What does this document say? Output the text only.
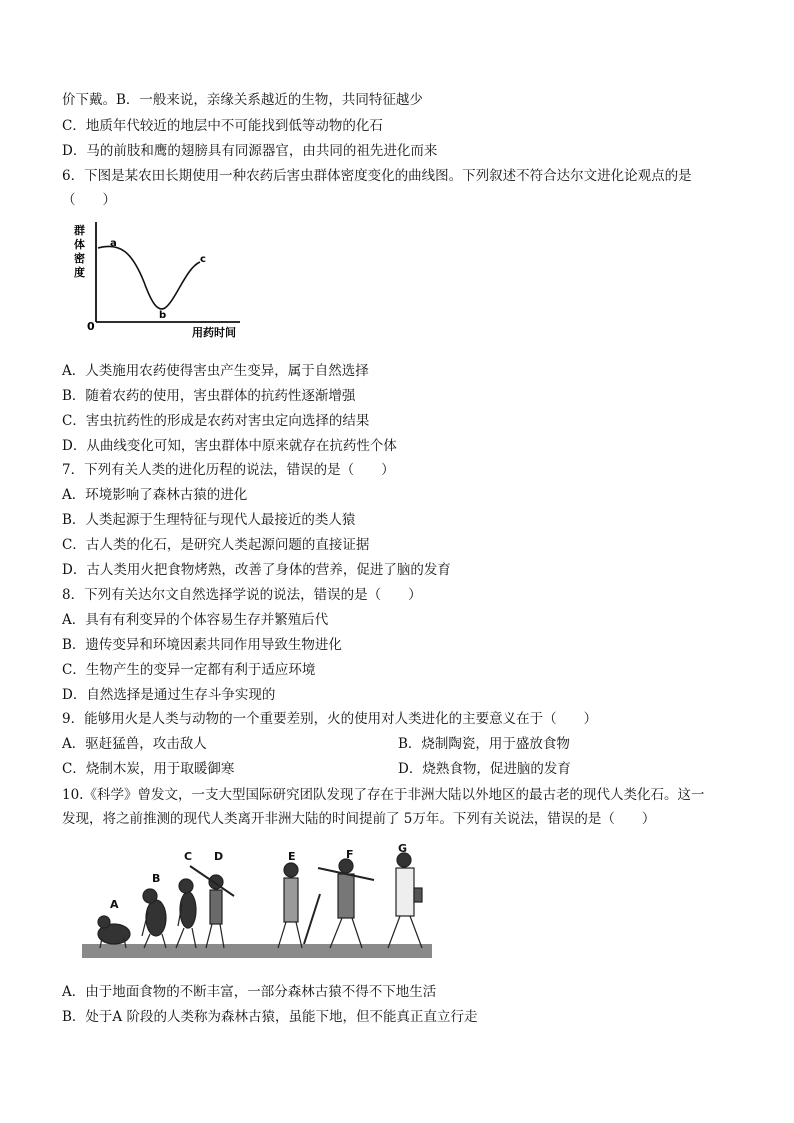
价下戴。B．一般来说，亲缘关系越近的生物，共同特征越少
C．地质年代较近的地层中不可能找到低等动物的化石
D．马的前肢和鹰的翅膀具有同源器官，由共同的祖先进化而来
6．下图是某农田长期使用一种农药后害虫群体密度变化的曲线图。下列叙述不符合达尔文进化论观点的是
（　　）
群
体
密
度
0	用药时间
a
b
c
A．人类施用农药使得害虫产生变异，属于自然选择
B．随着农药的使用，害虫群体的抗药性逐渐增强
C．害虫抗药性的形成是农药对害虫定向选择的结果
D．从曲线变化可知，害虫群体中原来就存在抗药性个体
7．下列有关人类的进化历程的说法，错误的是（　　）
A．环境影响了森林古猿的进化
B．人类起源于生理特征与现代人最接近的类人猿
C．古人类的化石，是研究人类起源问题的直接证据
D．古人类用火把食物烤熟，改善了身体的营养，促进了脑的发育
8．下列有关达尔文自然选择学说的说法，错误的是（　　）
A．具有有利变异的个体容易生存并繁殖后代
B．遗传变异和环境因素共同作用导致生物进化
C．生物产生的变异一定都有利于适应环境
D．自然选择是通过生存斗争实现的
9．能够用火是人类与动物的一个重要差别，火的使用对人类进化的主要意义在于（　　）
A．驱赶猛兽，攻击敌人	B．烧制陶瓷，用于盛放食物
C．烧制木炭，用于取暖御寒	D．烧熟食物，促进脑的发育
10.《科学》曾发文，一支大型国际研究团队发现了存在于非洲大陆以外地区的最古老的现代人类化石。这一
发现，将之前推测的现代人类离开非洲大陆的时间提前了 5万年。下列有关说法，错误的是（　　）
A
B
C D	E	F	G
A．由于地面食物的不断丰富，一部分森林古猿不得不下地生活
B．处于A 阶段的人类称为森林古猿，虽能下地，但不能真正直立行走
